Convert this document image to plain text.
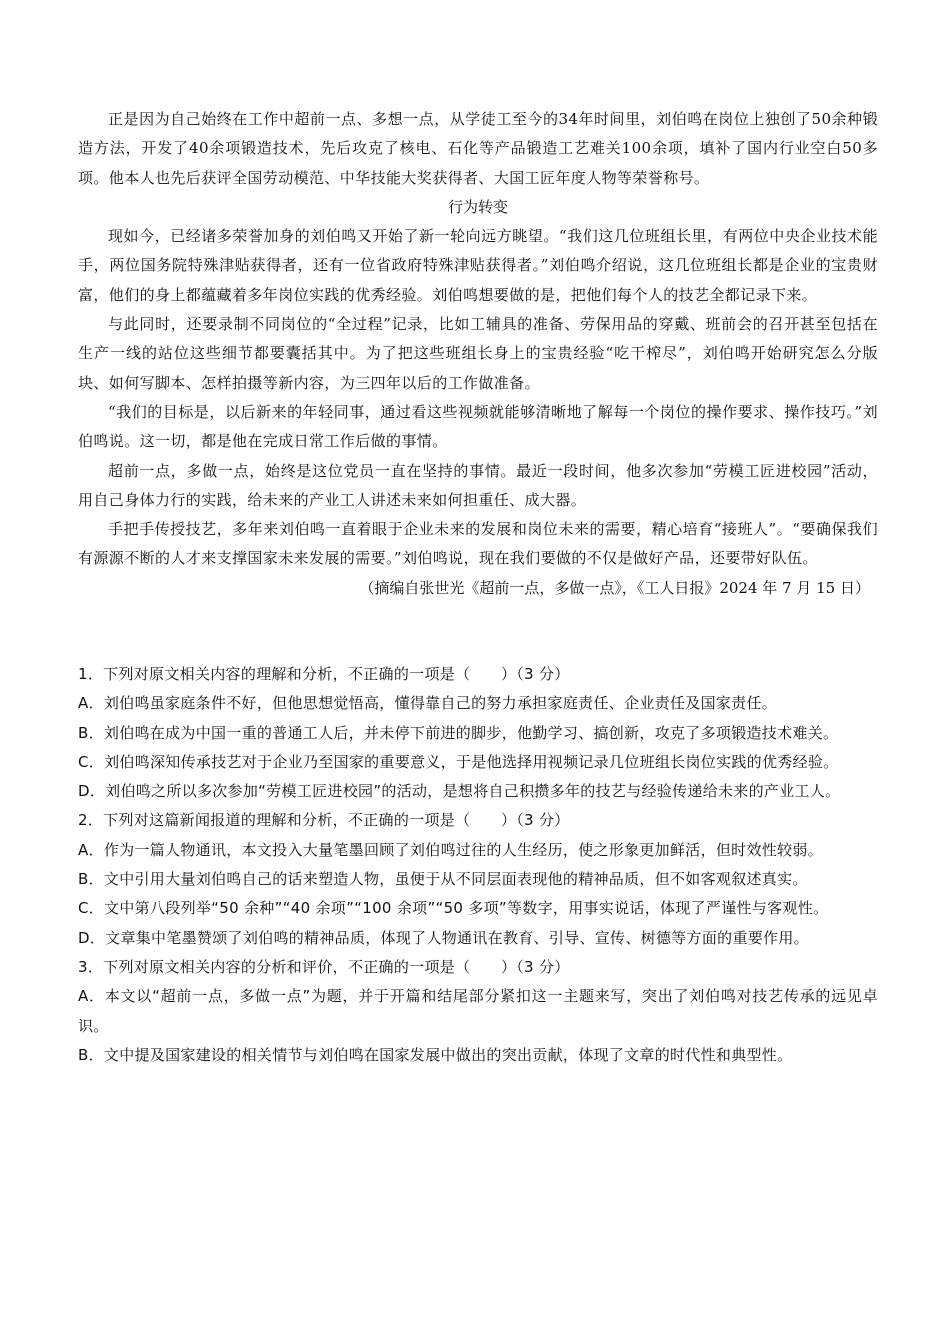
正是因为自己始终在工作中超前一点、多想一点，从学徒工至今的34年时间里，刘伯鸣在岗位上独创了50余种锻造方法，开发了40余项锻造技术，先后攻克了核电、石化等产品锻造工艺难关100余项，填补了国内行业空白50多项。他本人也先后获评全国劳动模范、中华技能大奖获得者、大国工匠年度人物等荣誉称号。

行为转变

现如今，已经诸多荣誉加身的刘伯鸣又开始了新一轮向远方眺望。“我们这几位班组长里，有两位中央企业技术能手，两位国务院特殊津贴获得者，还有一位省政府特殊津贴获得者。”刘伯鸣介绍说，这几位班组长都是企业的宝贵财富，他们的身上都蕴藏着多年岗位实践的优秀经验。刘伯鸣想要做的是，把他们每个人的技艺全都记录下来。

与此同时，还要录制不同岗位的“全过程”记录，比如工辅具的准备、劳保用品的穿戴、班前会的召开甚至包括在生产一线的站位这些细节都要囊括其中。为了把这些班组长身上的宝贵经验“吃干榨尽”，刘伯鸣开始研究怎么分版块、如何写脚本、怎样拍摄等新内容，为三四年以后的工作做准备。

“我们的目标是，以后新来的年轻同事，通过看这些视频就能够清晰地了解每一个岗位的操作要求、操作技巧。”刘伯鸣说。这一切，都是他在完成日常工作后做的事情。

超前一点，多做一点，始终是这位党员一直在坚持的事情。最近一段时间，他多次参加“劳模工匠进校园”活动，用自己身体力行的实践，给未来的产业工人讲述未来如何担重任、成大器。

手把手传授技艺，多年来刘伯鸣一直着眼于企业未来的发展和岗位未来的需要，精心培育“接班人”。“要确保我们有源源不断的人才来支撑国家未来发展的需要。”刘伯鸣说，现在我们要做的不仅是做好产品，还要带好队伍。

（摘编自张世光《超前一点，多做一点》，《工人日报》2024 年 7 月 15 日）

1．下列对原文相关内容的理解和分析，不正确的一项是（　　）（3 分）

A．刘伯鸣虽家庭条件不好，但他思想觉悟高，懂得靠自己的努力承担家庭责任、企业责任及国家责任。

B．刘伯鸣在成为中国一重的普通工人后，并未停下前进的脚步，他勤学习、搞创新，攻克了多项锻造技术难关。

C．刘伯鸣深知传承技艺对于企业乃至国家的重要意义，于是他选择用视频记录几位班组长岗位实践的优秀经验。

D．刘伯鸣之所以多次参加“劳模工匠进校园”的活动，是想将自己积攒多年的技艺与经验传递给未来的产业工人。

2．下列对这篇新闻报道的理解和分析，不正确的一项是（　　）（3 分）

A．作为一篇人物通讯，本文投入大量笔墨回顾了刘伯鸣过往的人生经历，使之形象更加鲜活，但时效性较弱。

B．文中引用大量刘伯鸣自己的话来塑造人物，虽便于从不同层面表现他的精神品质，但不如客观叙述真实。

C．文中第八段列举“50 余种”“40 余项”“100 余项”“50 多项”等数字，用事实说话，体现了严谨性与客观性。

D．文章集中笔墨赞颂了刘伯鸣的精神品质，体现了人物通讯在教育、引导、宣传、树德等方面的重要作用。

3．下列对原文相关内容的分析和评价，不正确的一项是（　　）（3 分）

A．本文以“超前一点，多做一点”为题，并于开篇和结尾部分紧扣这一主题来写，突出了刘伯鸣对技艺传承的远见卓识。

B．文中提及国家建设的相关情节与刘伯鸣在国家发展中做出的突出贡献，体现了文章的时代性和典型性。
